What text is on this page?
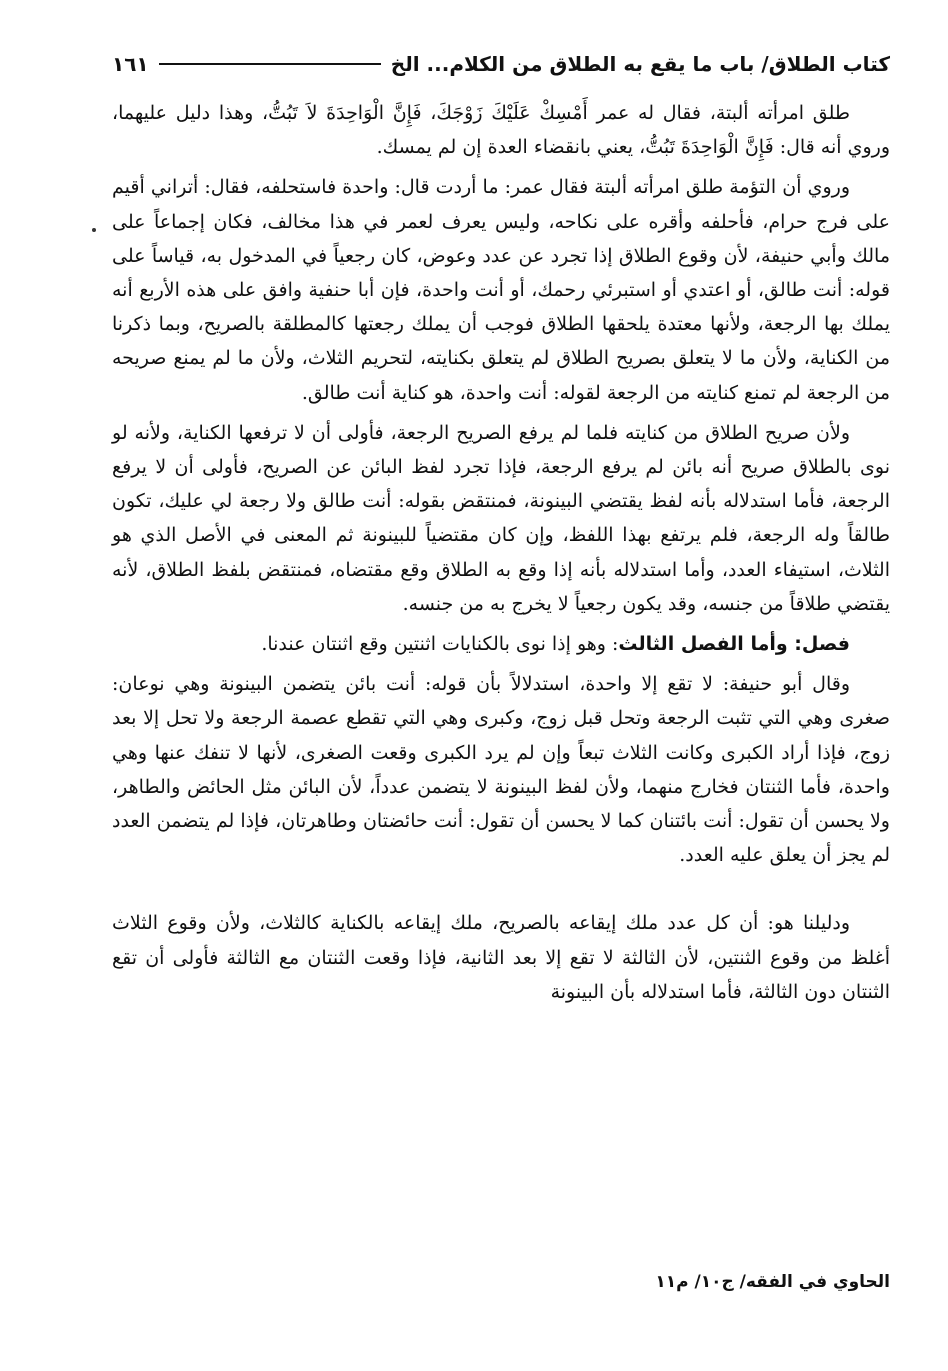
كتاب الطلاق/ باب ما يقع به الطلاق من الكلام... الخ
١٦١

طلق امرأته ألبتة، فقال له عمر أَمْسِكْ عَلَيْكَ زَوْجَكَ، فَإِنَّ الْوَاحِدَةَ لاَ تَبُتُّ، وهذا دليل عليهما، وروي أنه قال: فَإِنَّ الْوَاحِدَةَ تَبُتُّ، يعني بانقضاء العدة إن لم يمسك.

وروي أن التؤمة طلق امرأته ألبتة فقال عمر: ما أردت قال: واحدة فاستحلفه، فقال: أتراني أقيم على فرج حرام، فأحلفه وأقره على نكاحه، وليس يعرف لعمر في هذا مخالف، فكان إجماعاً على مالك وأبي حنيفة، لأن وقوع الطلاق إذا تجرد عن عدد وعوض، كان رجعياً في المدخول به، قياساً على قوله: أنت طالق، أو اعتدي أو استبرئي رحمك، أو أنت واحدة، فإن أبا حنفية وافق على هذه الأربع أنه يملك بها الرجعة، ولأنها معتدة يلحقها الطلاق فوجب أن يملك رجعتها كالمطلقة بالصريح، وبما ذكرنا من الكناية، ولأن ما لا يتعلق بصريح الطلاق لم يتعلق بكنايته، لتحريم الثلاث، ولأن ما لم يمنع صريحه من الرجعة لم تمنع كنايته من الرجعة لقوله: أنت واحدة، هو كناية أنت طالق.

ولأن صريح الطلاق من كنايته فلما لم يرفع الصريح الرجعة، فأولى أن لا ترفعها الكناية، ولأنه لو نوى بالطلاق صريح أنه بائن لم يرفع الرجعة، فإذا تجرد لفظ البائن عن الصريح، فأولى أن لا يرفع الرجعة، فأما استدلاله بأنه لفظ يقتضي البينونة، فمنتقض بقوله: أنت طالق ولا رجعة لي عليك، تكون طالقاً وله الرجعة، فلم يرتفع بهذا اللفظ، وإن كان مقتضياً للبينونة ثم المعنى في الأصل الذي هو الثلاث، استيفاء العدد، وأما استدلاله بأنه إذا وقع به الطلاق وقع مقتضاه، فمنتقض بلفظ الطلاق، لأنه يقتضي طلاقاً من جنسه، وقد يكون رجعياً لا يخرج به من جنسه.

فصل: وأما الفصل الثالث: وهو إذا نوى بالكنايات اثنتين وقع اثنتان عندنا.

وقال أبو حنيفة: لا تقع إلا واحدة، استدلالاً بأن قوله: أنت بائن يتضمن البينونة وهي نوعان: صغرى وهي التي تثبت الرجعة وتحل قبل زوج، وكبرى وهي التي تقطع عصمة الرجعة ولا تحل إلا بعد زوج، فإذا أراد الكبرى وكانت الثلاث تبعاً وإن لم يرد الكبرى وقعت الصغرى، لأنها لا تنفك عنها وهي واحدة، فأما الثنتان فخارج منهما، ولأن لفظ البينونة لا يتضمن عدداً، لأن البائن مثل الحائض والطاهر، ولا يحسن أن تقول: أنت بائتنان كما لا يحسن أن تقول: أنت حائضتان وطاهرتان، فإذا لم يتضمن العدد لم يجز أن يعلق عليه العدد.

ودليلنا هو: أن كل عدد ملك إيقاعه بالصريح، ملك إيقاعه بالكناية كالثلاث، ولأن وقوع الثلاث أغلظ من وقوع الثنتين، لأن الثالثة لا تقع إلا بعد الثانية، فإذا وقعت الثنتان مع الثالثة فأولى أن تقع الثنتان دون الثالثة، فأما استدلاله بأن البينونة

الحاوي في الفقه/ ج١٠/ م١١
